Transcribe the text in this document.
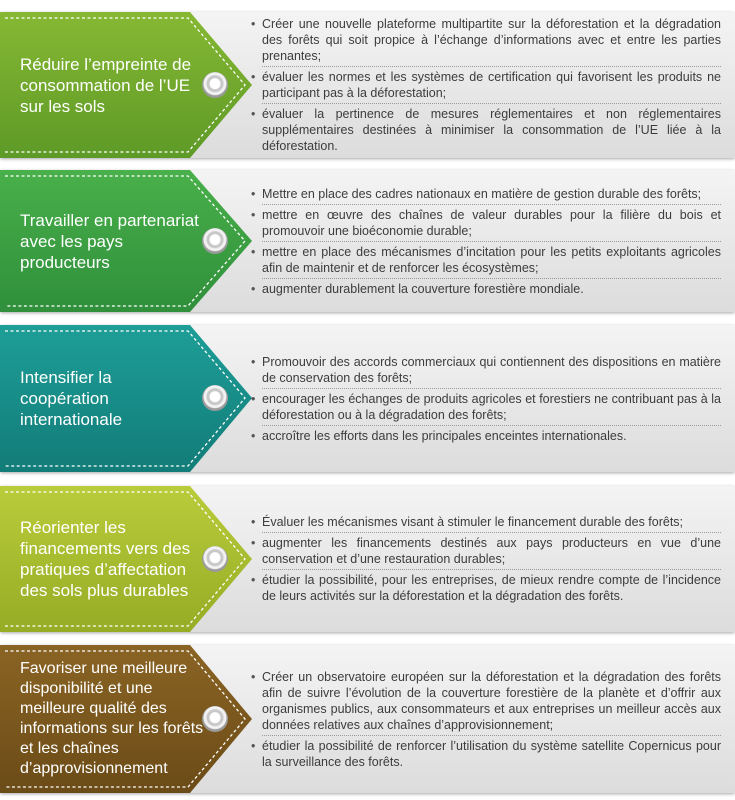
Réduire l’empreinte de consommation de l’UE sur les sols
• Créer une nouvelle plateforme multipartite sur la déforestation et la dégradation des forêts qui soit propice à l’échange d’informations avec et entre les parties prenantes;
• évaluer les normes et les systèmes de certification qui favorisent les produits ne participant pas à la déforestation;
• évaluer la pertinence de mesures réglementaires et non réglementaires supplémentaires destinées à minimiser la consommation de l’UE liée à la déforestation.
Travailler en partenariat avec les pays producteurs
• Mettre en place des cadres nationaux en matière de gestion durable des forêts;
• mettre en œuvre des chaînes de valeur durables pour la filière du bois et promouvoir une bioéconomie durable;
• mettre en place des mécanismes d’incitation pour les petits exploitants agricoles afin de maintenir et de renforcer les écosystèmes;
• augmenter durablement la couverture forestière mondiale.
Intensifier la coopération internationale
• Promouvoir des accords commerciaux qui contiennent des dispositions en matière de conservation des forêts;
• encourager les échanges de produits agricoles et forestiers ne contribuant pas à la déforestation ou à la dégradation des forêts;
• accroître les efforts dans les principales enceintes internationales.
Réorienter les financements vers des pratiques d’affectation des sols plus durables
• Évaluer les mécanismes visant à stimuler le financement durable des forêts;
• augmenter les financements destinés aux pays producteurs en vue d’une conservation et d’une restauration durables;
• étudier la possibilité, pour les entreprises, de mieux rendre compte de l’incidence de leurs activités sur la déforestation et la dégradation des forêts.
Favoriser une meilleure disponibilité et une meilleure qualité des informations sur les forêts et les chaînes d’approvisionnement
• Créer un observatoire européen sur la déforestation et la dégradation des forêts afin de suivre l’évolution de la couverture forestière de la planète et d’offrir aux organismes publics, aux consommateurs et aux entreprises un meilleur accès aux données relatives aux chaînes d’approvisionnement;
• étudier la possibilité de renforcer l’utilisation du système satellite Copernicus pour la surveillance des forêts.
